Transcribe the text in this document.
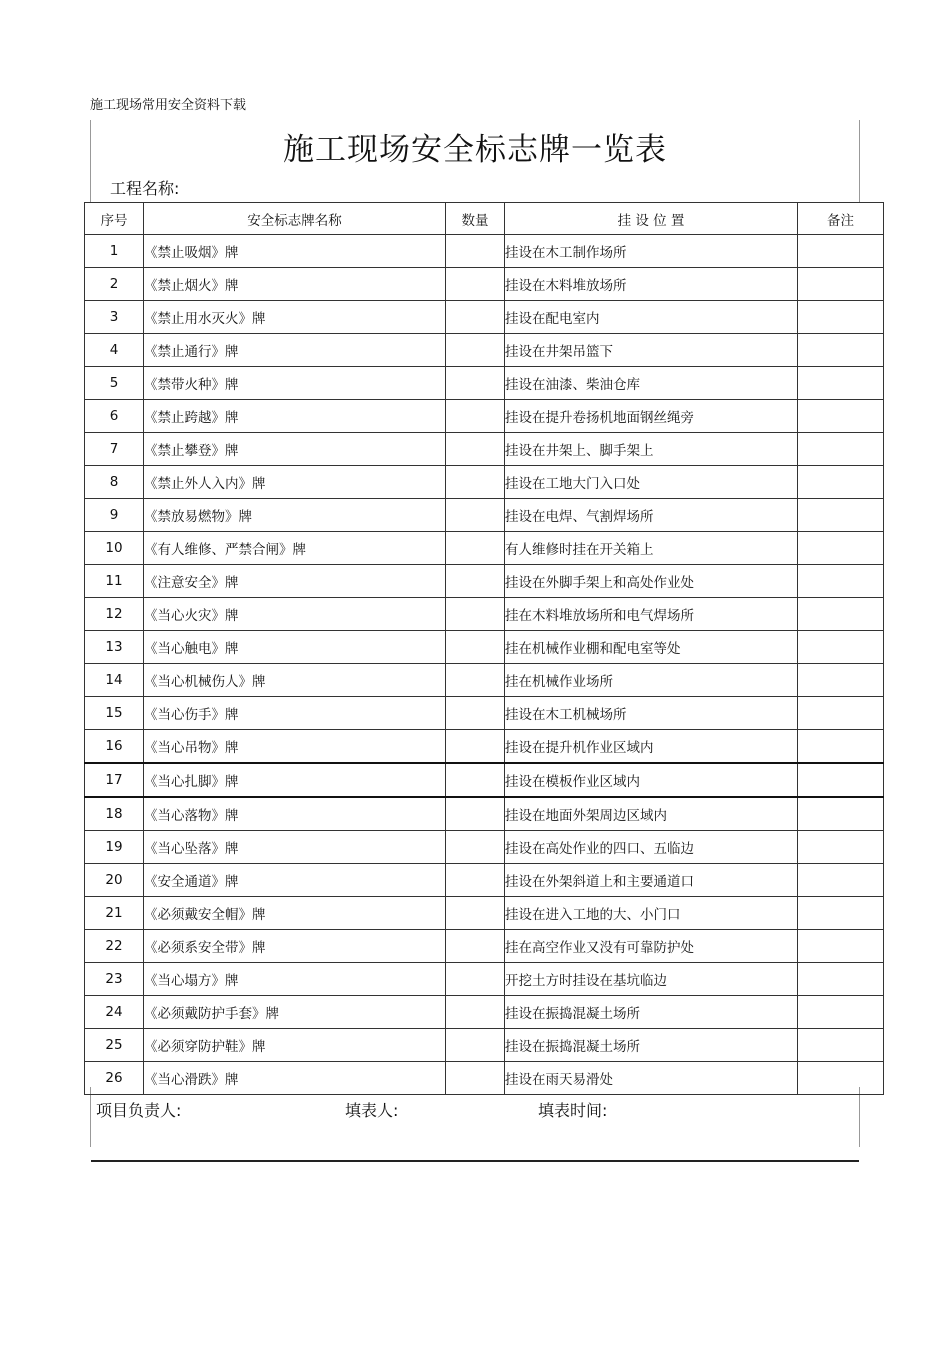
施工现场常用安全资料下载
施工现场安全标志牌一览表
工程名称:
序号	安全标志牌名称	数量	挂 设 位 置	备注
1	《禁止吸烟》牌		挂设在木工制作场所	
2	《禁止烟火》牌		挂设在木料堆放场所	
3	《禁止用水灭火》牌		挂设在配电室内	
4	《禁止通行》牌		挂设在井架吊篮下	
5	《禁带火种》牌		挂设在油漆、柴油仓库	
6	《禁止跨越》牌		挂设在提升卷扬机地面钢丝绳旁	
7	《禁止攀登》牌		挂设在井架上、脚手架上	
8	《禁止外人入内》牌		挂设在工地大门入口处	
9	《禁放易燃物》牌		挂设在电焊、气割焊场所	
10	《有人维修、严禁合闸》牌		有人维修时挂在开关箱上	
11	《注意安全》牌		挂设在外脚手架上和高处作业处	
12	《当心火灾》牌		挂在木料堆放场所和电气焊场所	
13	《当心触电》牌		挂在机械作业棚和配电室等处	
14	《当心机械伤人》牌		挂在机械作业场所	
15	《当心伤手》牌		挂设在木工机械场所	
16	《当心吊物》牌		挂设在提升机作业区域内	
17	《当心扎脚》牌		挂设在模板作业区域内	
18	《当心落物》牌		挂设在地面外架周边区域内	
19	《当心坠落》牌		挂设在高处作业的四口、五临边	
20	《安全通道》牌		挂设在外架斜道上和主要通道口	
21	《必须戴安全帽》牌		挂设在进入工地的大、小门口	
22	《必须系安全带》牌		挂在高空作业又没有可靠防护处	
23	《当心塌方》牌		开挖土方时挂设在基坑临边	
24	《必须戴防护手套》牌		挂设在振捣混凝土场所	
25	《必须穿防护鞋》牌		挂设在振捣混凝土场所	
26	《当心滑跌》牌		挂设在雨天易滑处	
项目负责人:	填表人:	填表时间:
